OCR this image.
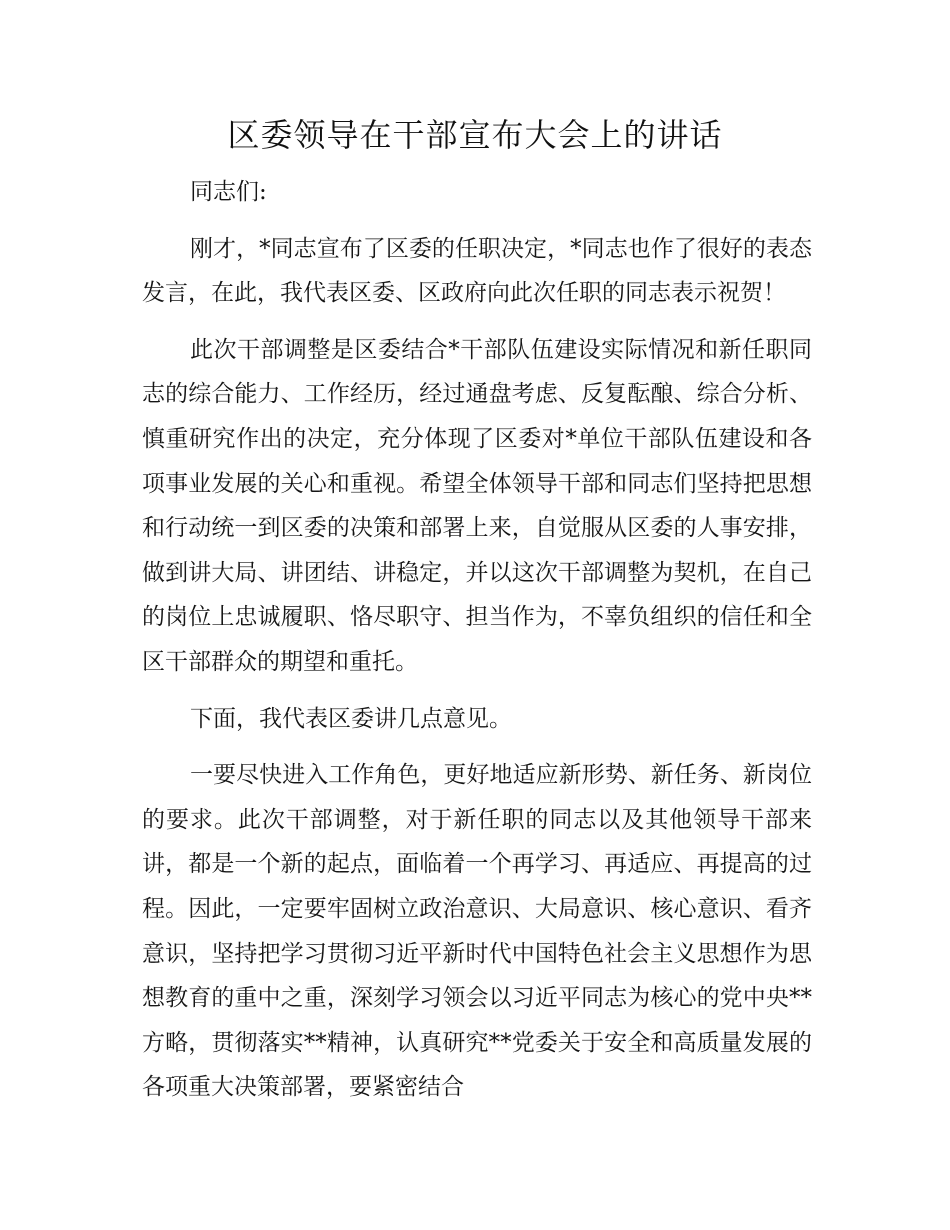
区委领导在干部宣布大会上的讲话

同志们:

刚才，*同志宣布了区委的任职决定，*同志也作了很好的表态发言，在此，我代表区委、区政府向此次任职的同志表示祝贺！

此次干部调整是区委结合*干部队伍建设实际情况和新任职同志的综合能力、工作经历，经过通盘考虑、反复酝酿、综合分析、慎重研究作出的决定，充分体现了区委对*单位干部队伍建设和各项事业发展的关心和重视。希望全体领导干部和同志们坚持把思想和行动统一到区委的决策和部署上来，自觉服从区委的人事安排，做到讲大局、讲团结、讲稳定，并以这次干部调整为契机，在自己的岗位上忠诚履职、恪尽职守、担当作为，不辜负组织的信任和全区干部群众的期望和重托。

下面，我代表区委讲几点意见。

一要尽快进入工作角色，更好地适应新形势、新任务、新岗位的要求。此次干部调整，对于新任职的同志以及其他领导干部来讲，都是一个新的起点，面临着一个再学习、再适应、再提高的过程。因此，一定要牢固树立政治意识、大局意识、核心意识、看齐意识，坚持把学习贯彻习近平新时代中国特色社会主义思想作为思想教育的重中之重，深刻学习领会以习近平同志为核心的党中央**方略，贯彻落实**精神，认真研究**党委关于安全和高质量发展的各项重大决策部署，要紧密结合
